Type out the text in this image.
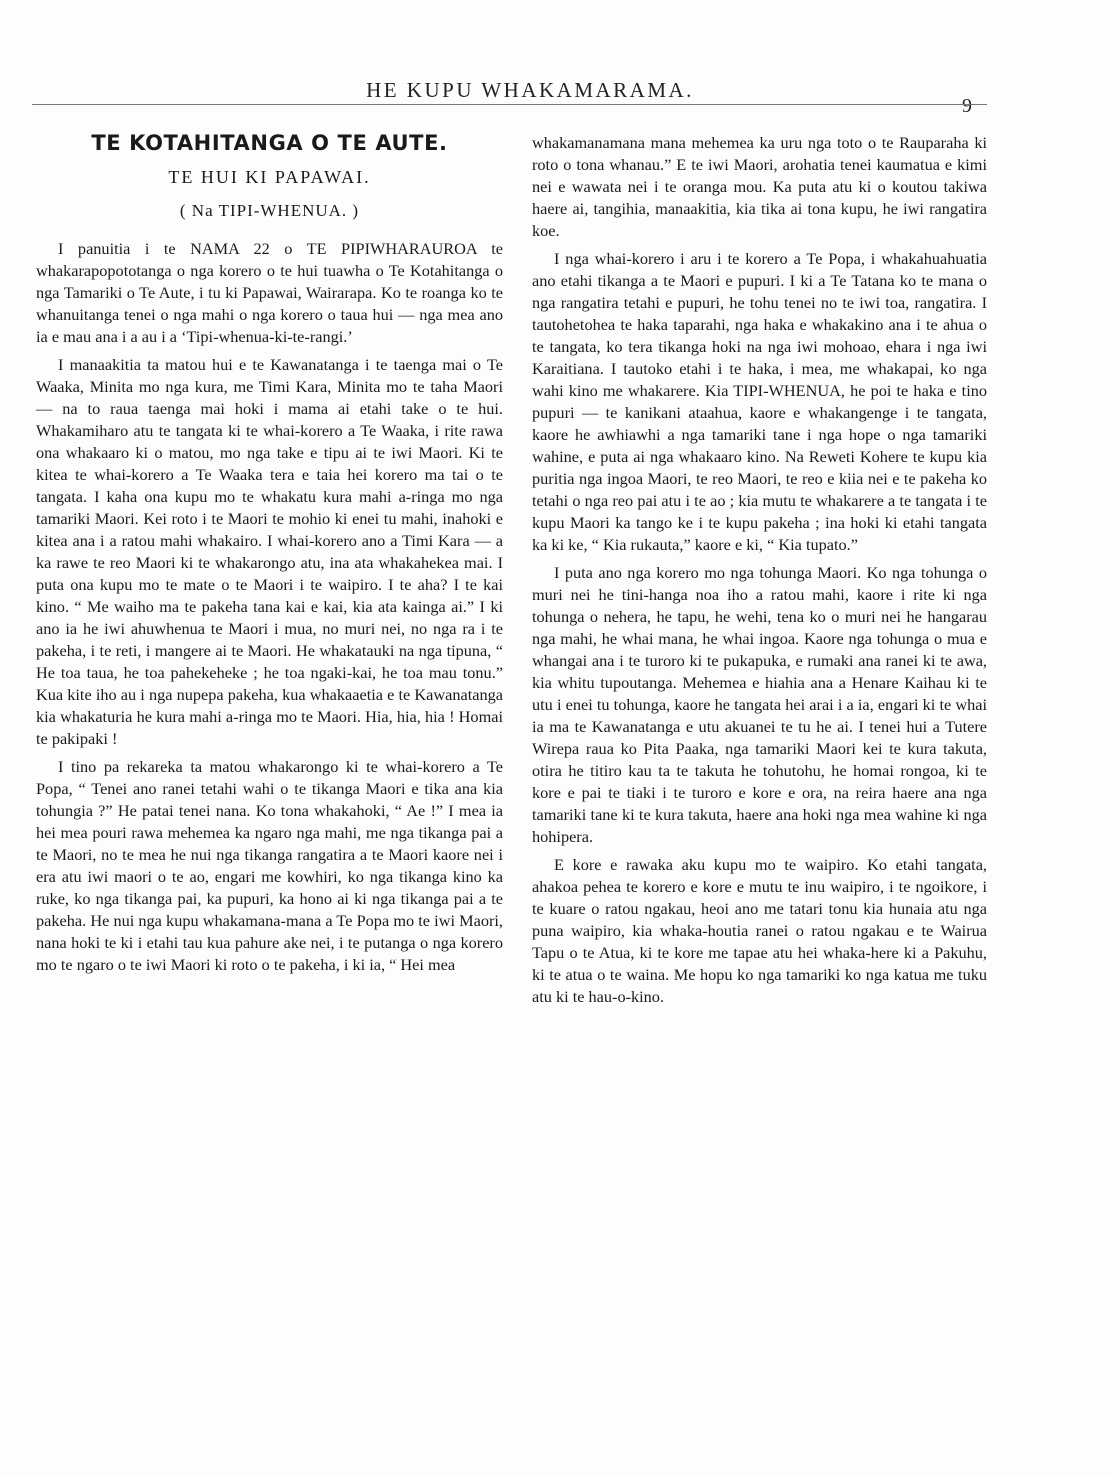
HE KUPU WHAKAMARAMA.
9
TE KOTAHITANGA O TE AUTE.
TE HUI KI PAPAWAI.
( Na TIPI-WHENUA. )

I panuitia i te NAMA 22 o TE PIPIWHARAUROA te whakarapopototanga o nga korero o te hui tuawha o Te Kotahitanga o nga Tamariki o Te Aute, i tu ki Papawai, Wairarapa. Ko te roanga ko te whanuitanga tenei o nga mahi o nga korero o taua hui — nga mea ano ia e mau ana i a au i a ‘Tipi-whenua-ki-te-rangi.’

I manaakitia ta matou hui e te Kawanatanga i te taenga mai o Te Waaka, Minita mo nga kura, me Timi Kara, Minita mo te taha Maori — na to raua taenga mai hoki i mama ai etahi take o te hui. Whakamiharo atu te tangata ki te whai-korero a Te Waaka, i rite rawa ona whakaaro ki o matou, mo nga take e tipu ai te iwi Maori. Ki te kitea te whai-korero a Te Waaka tera e taia hei korero ma tai o te tangata. I kaha ona kupu mo te whakatu kura mahi a-ringa mo nga tamariki Maori. Kei roto i te Maori te mohio ki enei tu mahi, inahoki e kitea ana i a ratou mahi whakairo. I whai-korero ano a Timi Kara — a ka rawe te reo Maori ki te whakarongo atu, ina ata whakahekea mai. I puta ona kupu mo te mate o te Maori i te waipiro. I te aha? I te kai kino. “ Me waiho ma te pakeha tana kai e kai, kia ata kainga ai.” I ki ano ia he iwi ahuwhenua te Maori i mua, no muri nei, no nga ra i te pakeha, i te reti, i mangere ai te Maori. He whakatauki na nga tipuna, “ He toa taua, he toa pahekeheke ; he toa ngaki-kai, he toa mau tonu.” Kua kite iho au i nga nupepa pakeha, kua whakaaetia e te Kawanatanga kia whakaturia he kura mahi a-ringa mo te Maori. Hia, hia, hia ! Homai te pakipaki !

I tino pa rekareka ta matou whakarongo ki te whai-korero a Te Popa, “ Tenei ano ranei tetahi wahi o te tikanga Maori e tika ana kia tohungia ?” He patai tenei nana. Ko tona whakahoki, “ Ae !” I mea ia hei mea pouri rawa mehemea ka ngaro nga mahi, me nga tikanga pai a te Maori, no te mea he nui nga tikanga rangatira a te Maori kaore nei i era atu iwi maori o te ao, engari me kowhiri, ko nga tikanga kino ka ruke, ko nga tikanga pai, ka pupuri, ka hono ai ki nga tikanga pai a te pakeha. He nui nga kupu whakamana-mana a Te Popa mo te iwi Maori, nana hoki te ki i etahi tau kua pahure ake nei, i te putanga o nga korero mo te ngaro o te iwi Maori ki roto o te pakeha, i ki ia, “ Hei mea

whakamanamana mana mehemea ka uru nga toto o te Rauparaha ki roto o tona whanau.” E te iwi Maori, arohatia tenei kaumatua e kimi nei e wawata nei i te oranga mou. Ka puta atu ki o koutou takiwa haere ai, tangihia, manaakitia, kia tika ai tona kupu, he iwi rangatira koe.

I nga whai-korero i aru i te korero a Te Popa, i whakahuahuatia ano etahi tikanga a te Maori e pupuri. I ki a Te Tatana ko te mana o nga rangatira tetahi e pupuri, he tohu tenei no te iwi toa, rangatira. I tautohetohea te haka taparahi, nga haka e whakakino ana i te ahua o te tangata, ko tera tikanga hoki na nga iwi mohoao, ehara i nga iwi Karaitiana. I tautoko etahi i te haka, i mea, me whakapai, ko nga wahi kino me whakarere. Kia TIPI-WHENUA, he poi te haka e tino pupuri — te kanikani ataahua, kaore e whakangenge i te tangata, kaore he awhiawhi a nga tamariki tane i nga hope o nga tamariki wahine, e puta ai nga whakaaro kino. Na Reweti Kohere te kupu kia puritia nga ingoa Maori, te reo Maori, te reo e kiia nei e te pakeha ko tetahi o nga reo pai atu i te ao ; kia mutu te whakarere a te tangata i te kupu Maori ka tango ke i te kupu pakeha ; ina hoki ki etahi tangata ka ki ke, “ Kia rukauta,” kaore e ki, “ Kia tupato.”

I puta ano nga korero mo nga tohunga Maori. Ko nga tohunga o muri nei he tini-hanga noa iho a ratou mahi, kaore i rite ki nga tohunga o nehera, he tapu, he wehi, tena ko o muri nei he hangarau nga mahi, he whai mana, he whai ingoa. Kaore nga tohunga o mua e whangai ana i te turoro ki te pukapuka, e rumaki ana ranei ki te awa, kia whitu tupoutanga. Mehemea e hiahia ana a Henare Kaihau ki te utu i enei tu tohunga, kaore he tangata hei arai i a ia, engari ki te whai ia ma te Kawanatanga e utu akuanei te tu he ai. I tenei hui a Tutere Wirepa raua ko Pita Paaka, nga tamariki Maori kei te kura takuta, otira he titiro kau ta te takuta he tohutohu, he homai rongoa, ki te kore e pai te tiaki i te turoro e kore e ora, na reira haere ana nga tamariki tane ki te kura takuta, haere ana hoki nga mea wahine ki nga hohipera.

E kore e rawaka aku kupu mo te waipiro. Ko etahi tangata, ahakoa pehea te korero e kore e mutu te inu waipiro, i te ngoikore, i te kuare o ratou ngakau, heoi ano me tatari tonu kia hunaia atu nga puna waipiro, kia whaka-houtia ranei o ratou ngakau e te Wairua Tapu o te Atua, ki te kore me tapae atu hei whaka-here ki a Pakuhu, ki te atua o te waina. Me hopu ko nga tamariki ko nga katua me tuku atu ki te hau-o-kino.
